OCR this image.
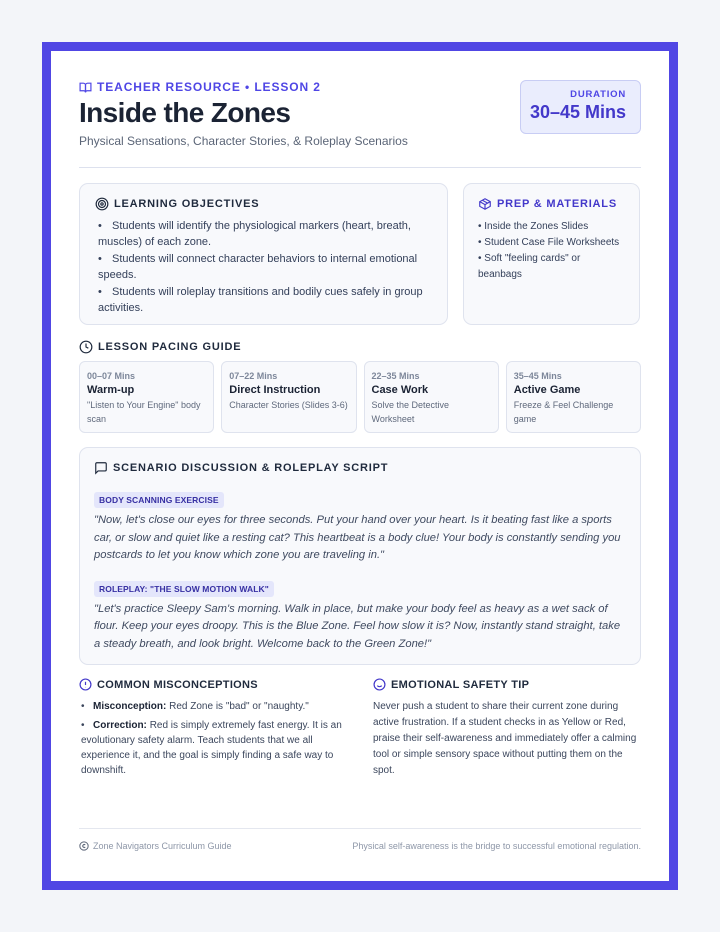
TEACHER RESOURCE • LESSON 2
Inside the Zones
Physical Sensations, Character Stories, & Roleplay Scenarios
DURATION
30–45 Mins
LEARNING OBJECTIVES
• Students will identify the physiological markers (heart, breath, muscles) of each zone.
• Students will connect character behaviors to internal emotional speeds.
• Students will roleplay transitions and bodily cues safely in group activities.
PREP & MATERIALS
• Inside the Zones Slides
• Student Case File Worksheets
• Soft "feeling cards" or beanbags
LESSON PACING GUIDE
00–07 Mins
Warm-up
"Listen to Your Engine" body scan
07–22 Mins
Direct Instruction
Character Stories (Slides 3-6)
22–35 Mins
Case Work
Solve the Detective Worksheet
35–45 Mins
Active Game
Freeze & Feel Challenge game
SCENARIO DISCUSSION & ROLEPLAY SCRIPT
BODY SCANNING EXERCISE
"Now, let's close our eyes for three seconds. Put your hand over your heart. Is it beating fast like a sports car, or slow and quiet like a resting cat? This heartbeat is a body clue! Your body is constantly sending you postcards to let you know which zone you are traveling in."
ROLEPLAY: "THE SLOW MOTION WALK"
"Let's practice Sleepy Sam's morning. Walk in place, but make your body feel as heavy as a wet sack of flour. Keep your eyes droopy. This is the Blue Zone. Feel how slow it is? Now, instantly stand straight, take a steady breath, and look bright. Welcome back to the Green Zone!"
COMMON MISCONCEPTIONS
• Misconception: Red Zone is "bad" or "naughty."
• Correction: Red is simply extremely fast energy. It is an evolutionary safety alarm. Teach students that we all experience it, and the goal is simply finding a safe way to downshift.
EMOTIONAL SAFETY TIP

Never push a student to share their current zone during active frustration. If a student checks in as Yellow or Red, praise their self-awareness and immediately offer a calming tool or simple sensory space without putting them on the spot.

Zone Navigators Curriculum Guide	Physical self-awareness is the bridge to successful emotional regulation.
